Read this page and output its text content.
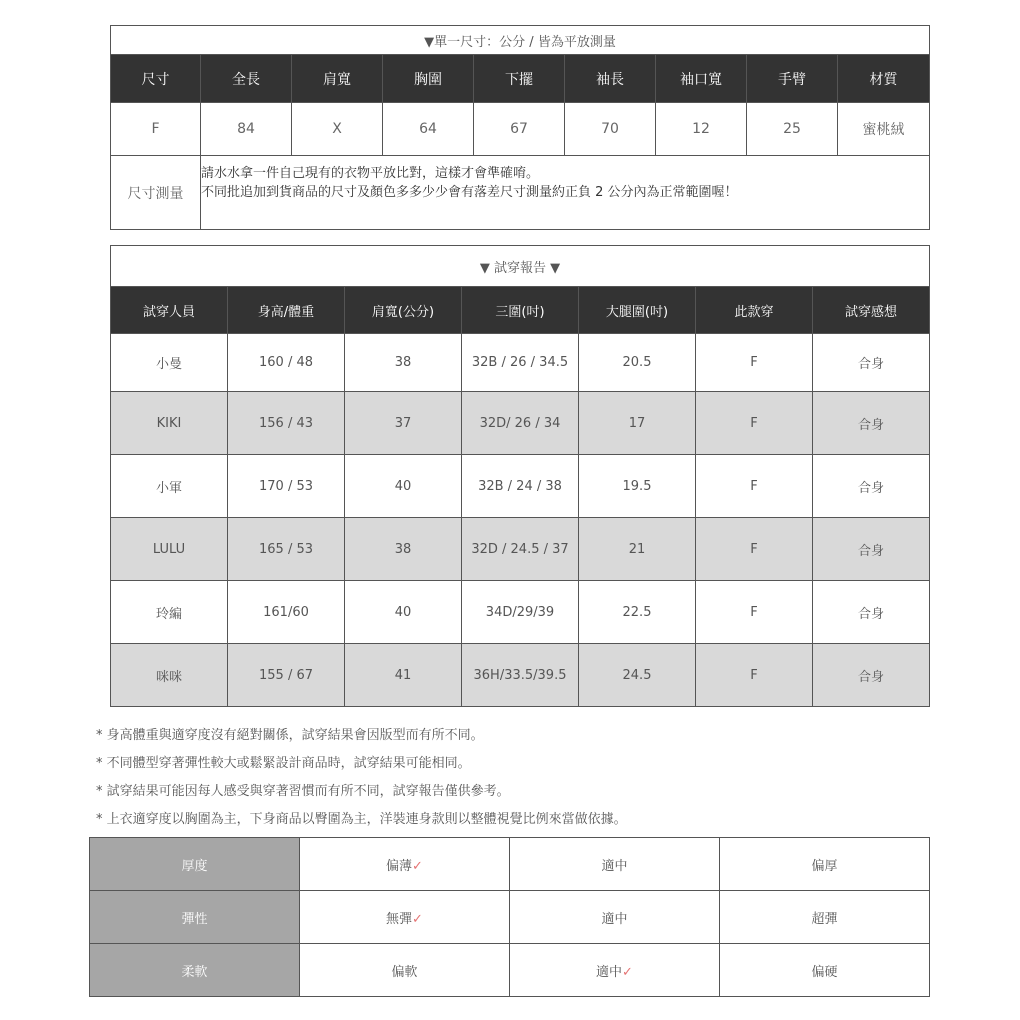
▼單一尺寸：公分 / 皆為平放測量								
尺寸	全長	肩寬	胸圍	下擺	袖長	袖口寬	手臂	材質
F	84	X	64	67	70	12	25	蜜桃絨
尺寸測量	請水水拿一件自己現有的衣物平放比對，這樣才會準確唷。
不同批追加到貨商品的尺寸及顏色多多少少會有落差尺寸測量約正負 2 公分內為正常範圍喔！							
▼ 試穿報告 ▼						
試穿人員	身高/體重	肩寬(公分)	三圍(吋)	大腿圍(吋)	此款穿	試穿感想
小曼	160 / 48	38	32B / 26 / 34.5	20.5	F	合身
KIKI	156 / 43	37	32D/ 26 / 34	17	F	合身
小軍	170 / 53	40	32B / 24 / 38	19.5	F	合身
LULU	165 / 53	38	32D / 24.5 / 37	21	F	合身
玲編	161/60	40	34D/29/39	22.5	F	合身
咪咪	155 / 67	41	36H/33.5/39.5	24.5	F	合身
* 身高體重與適穿度沒有絕對關係，試穿結果會因版型而有所不同。
* 不同體型穿著彈性較大或鬆緊設計商品時，試穿結果可能相同。
* 試穿結果可能因每人感受與穿著習慣而有所不同，試穿報告僅供參考。
* 上衣適穿度以胸圍為主，下身商品以臀圍為主，洋裝連身款則以整體視覺比例來當做依據。
厚度	偏薄✓	適中	偏厚
彈性	無彈✓	適中	超彈
柔軟	偏軟	適中✓	偏硬
